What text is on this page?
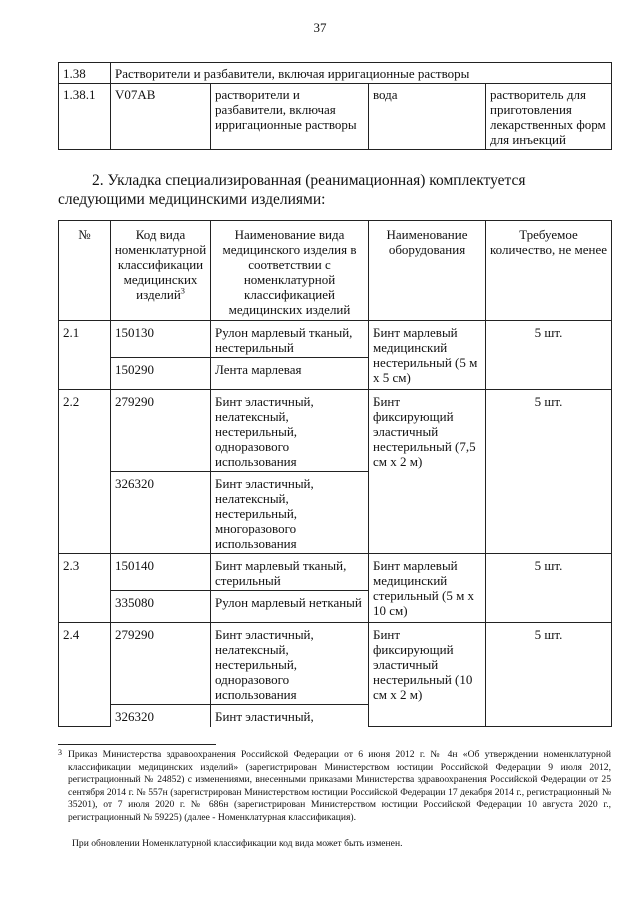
37
1.38	Растворители и разбавители, включая ирригационные растворы			
1.38.1	V07AB	растворители и разбавители, включая ирригационные растворы	вода	растворитель для приготовления лекарственных форм для инъекций
2. Укладка специализированная (реанимационная) комплектуется следующими медицинскими изделиями:
№	Код вида номенклатурной классификации медицинских изделий$^3$	Наименование вида медицинского изделия в соответствии с номенклатурной классификацией медицинских изделий	Наименование оборудования	Требуемое количество, не менее
2.1	150130	Рулон марлевый тканый, нестерильный	Бинт марлевый медицинский нестерильный (5 м х 5 см)	5 шт.
	150290	Лента марлевая		
2.2	279290	Бинт эластичный, нелатексный, нестерильный, одноразового использования	Бинт фиксирующий эластичный нестерильный (7,5 см х 2 м)	5 шт.
	326320	Бинт эластичный, нелатексный, нестерильный, многоразового использования		
2.3	150140	Бинт марлевый тканый, стерильный	Бинт марлевый медицинский стерильный (5 м х 10 см)	5 шт.
	335080	Рулон марлевый нетканый		
2.4	279290	Бинт эластичный, нелатексный, нестерильный, одноразового использования	Бинт фиксирующий эластичный нестерильный (10 см х 2 м)	5 шт.
	326320	Бинт эластичный,		
3 Приказ Министерства здравоохранения Российской Федерации от 6 июня 2012 г. № 4н «Об утверждении номенклатурной классификации медицинских изделий» (зарегистрирован Министерством юстиции Российской Федерации 9 июля 2012, регистрационный № 24852) с изменениями, внесенными приказами Министерства здравоохранения Российской Федерации от 25 сентября 2014 г. № 557н (зарегистрирован Министерством юстиции Российской Федерации 17 декабря 2014 г., регистрационный № 35201), от 7 июля 2020 г. № 686н (зарегистрирован Министерством юстиции Российской Федерации 10 августа 2020 г., регистрационный № 59225) (далее - Номенклатурная классификация).
При обновлении Номенклатурной классификации код вида может быть изменен.
